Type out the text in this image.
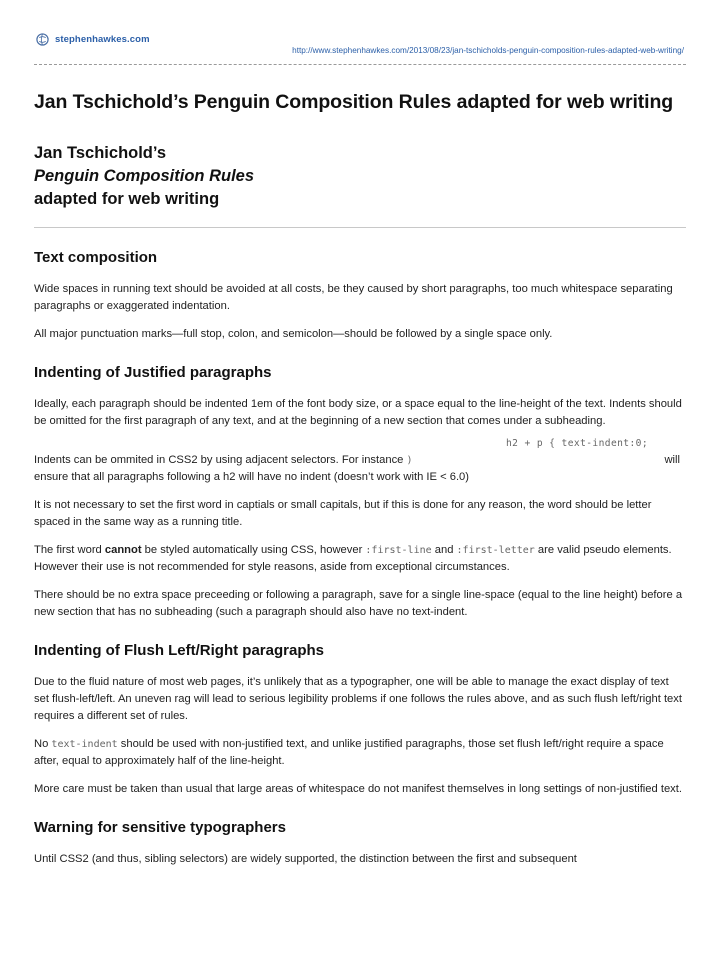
stephenhawkes.com
http://www.stephenhawkes.com/2013/08/23/jan-tschicholds-penguin-composition-rules-adapted-web-writing/
Jan Tschichold’s Penguin Composition Rules adapted for web writing
Jan Tschichold’s
Penguin Composition Rules
adapted for web writing
Text composition

Wide spaces in running text should be avoided at all costs, be they caused by short paragraphs, too much whitespace separating paragraphs or exaggerated indentation.

All major punctuation marks—full stop, colon, and semicolon—should be followed by a single space only.

Indenting of Justified paragraphs

Ideally, each paragraph should be indented 1em of the font body size, or a space equal to the line-height of the text. Indents should be omitted for the first paragraph of any text, and at the beginning of a new section that comes under a subheading.

h2 + p { text-indent:0;
Indents can be ommited in CSS2 by using adjacent selectors. For instance )	will
ensure that all paragraphs following a h2 will have no indent (doesn’t work with IE < 6.0)

It is not necessary to set the first word in captials or small capitals, but if this is done for any reason, the word should be letter spaced in the same way as a running title.

The first word cannot be styled automatically using CSS, however :first-line and :first-letter are valid pseudo elements. However their use is not recommended for style reasons, aside from exceptional circumstances.

There should be no extra space preceeding or following a paragraph, save for a single line-space (equal to the line height) before a new section that has no subheading (such a paragraph should also have no text-indent.

Indenting of Flush Left/Right paragraphs

Due to the fluid nature of most web pages, it’s unlikely that as a typographer, one will be able to manage the exact display of text set flush-left/left. An uneven rag will lead to serious legibility problems if one follows the rules above, and as such flush left/right text requires a different set of rules.

No text-indent should be used with non-justified text, and unlike justified paragraphs, those set flush left/right require a space after, equal to approximately half of the line-height.

More care must be taken than usual that large areas of whitespace do not manifest themselves in long settings of non-justified text.

Warning for sensitive typographers

Until CSS2 (and thus, sibling selectors) are widely supported, the distinction between the first and subsequent
